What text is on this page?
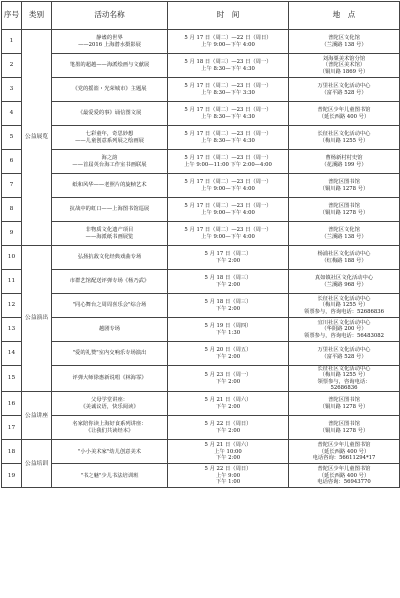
序号	类别	活动名称	时　间	地　点

1	公益展览	静谧的世界
——2016 上海潜水摄影展	5 月 17 日（周二）—22 日（周日）
上午 9:00—下午 4:00	普陀区文化馆
（兰溪路 138 号）

2		笔墨的超越——海派绘画与文献展	5 月 18 日（周三）—23 日（周一）
上午 8:30—下午 4:30	刘海粟美术馆分馆
（普陀区美术馆）
（铜川路 1869 号）

3		《党的摇篮・光荣城市》主题展	5 月 17 日（周二）—23 日（周一）
上午 8:30—下午 3:30	万里社区文化活动中心
（富平路 528 号）

4		《最爱爱的事》诵信图文展	5 月 17 日（周二）—23 日（周一）
上午 8:30—下午 4:30	普陀区少年儿童图书馆
（延长西路 400 号）

5		七彩童年，奇思妙想
——儿童创意系列展之绘画展	5 月 17 日（周二）—23 日（周一）
上午 8:30—下午 4:30	长征社区文化活动中心
（梅川路 1255 号）

6		海之韵
——首届英台海工作室书画联展	5 月 17 日（周二）—23 日（周一）
上午 9:00—11:00 下午 2:00—4:00	曹杨新村村史馆
（花溪路 199 号）

7		纸和风华——老照片的旋帧艺术	5 月 17 日（周二）—23 日（周一）
上午 9:00—下午 4:00	普陀区图书馆
（铜川路 1278 号）

8		抗战中的虹口——上海图书馆巡展	5 月 17 日（周二）—23 日（周一）
上午 9:00—下午 4:00	普陀区图书馆
（铜川路 1278 号）

9		非物质文化遗产项目
——海派纸书画展览	5 月 17 日（周二）—23 日（周一）
上午 9:00—下午 4:00	普陀区文化馆
（兰溪路 138 号）

10	公益演出	弘扬抗敌文化经典戏曲专场	5 月 17 日（周二）
下午 2:00	杨浦社区文化活动中心
（红梅路 188 号）

11		市群艺馆配送评弹专场《杨乃武》	5 月 18 日（周三）
下午 2:00	真如镇社区文化活动中心
（兰溪路 968 号）

12		"同心舞台之周周喜乐会"综合场	5 月 18 日（周三）
下午 2:00	长征社区文化活动中心
（梅川路 1255 号）
领票参与，咨询电话：52686836

13		越剧专场	5 月 19 日（周四）
下午 1:30	宜川社区文化活动中心
（华阴路 200 号）
领票参与，咨询电话：56483082

14		"爱的礼赞"室内交响乐专场演出	5 月 20 日（周五）
下午 2:00	万里社区文化活动中心
（富平路 528 号）

15		评弹大师徐惠新说唱《林海霏》	5 月 23 日（周一）
下午 2:00	长征社区文化活动中心
（梅川路 1255 号）
领票参与，咨询电话：
52686836

16	公益讲座	父母学堂讲座：
《美诚议语，快乐阅读》	5 月 21 日（周六）
下午 2:00	普陀区图书馆
（铜川路 1278 号）

17		名家陪你读上海好食系列讲座：
《让我们共读经本》	5 月 22 日（周日）
下午 2:00	普陀区图书馆
（铜川路 1278 号）

18	公益培训	"小小美术家"幼儿创意美术	5 月 21 日（周六）
上午 10:00
下午 2:00	普陀区少年儿童图书馆
（延长西路 400 号）
电话咨询：56611294*17

19		"书之魅"少儿书法培训班	5 月 22 日（周日）
上午 9:00
下午 1:00	普陀区少年儿童图书馆
（延长西路 400 号）
电话咨询：56943770
